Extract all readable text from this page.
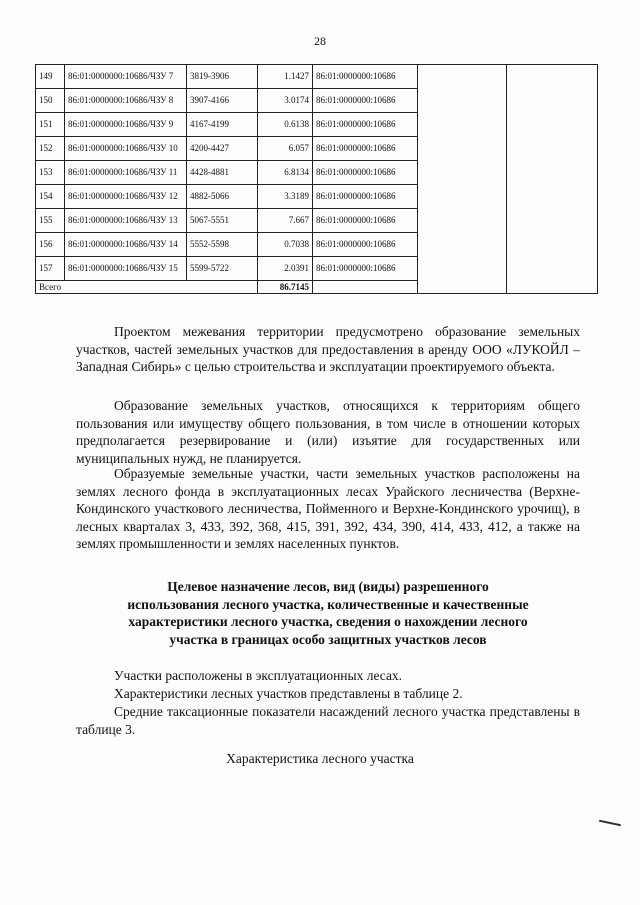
28
149	86:01:0000000:10686/ЧЗУ 7	3819-3906	1.1427	86:01:0000000:10686		
150	86:01:0000000:10686/ЧЗУ 8	3907-4166	3.0174	86:01:0000000:10686		
151	86:01:0000000:10686/ЧЗУ 9	4167-4199	0.6138	86:01:0000000:10686		
152	86:01:0000000:10686/ЧЗУ 10	4200-4427	6.057	86:01:0000000:10686		
153	86:01:0000000:10686/ЧЗУ 11	4428-4881	6.8134	86:01:0000000:10686		
154	86:01:0000000:10686/ЧЗУ 12	4882-5066	3.3189	86:01:0000000:10686		
155	86:01:0000000:10686/ЧЗУ 13	5067-5551	7.667	86:01:0000000:10686		
156	86:01:0000000:10686/ЧЗУ 14	5552-5598	0.7038	86:01:0000000:10686		
157	86:01:0000000:10686/ЧЗУ 15	5599-5722	2.0391	86:01:0000000:10686		
Всего			86.7145			
Проектом межевания территории предусмотрено образование земельных участков, частей земельных участков для предоставления в аренду ООО «ЛУКОЙЛ – Западная Сибирь» с целью строительства и эксплуатации проектируемого объекта.
Образование земельных участков, относящихся к территориям общего пользования или имуществу общего пользования, в том числе в отношении которых предполагается резервирование и (или) изъятие для государственных или муниципальных нужд, не планируется.
Образуемые земельные участки, части земельных участков расположены на землях лесного фонда в эксплуатационных лесах Урайского лесничества (Верхне-Кондинского участкового лесничества, Пойменного и Верхне-Кондинского урочищ), в лесных кварталах 3, 433, 392, 368, 415, 391, 392, 434, 390, 414, 433, 412, а также на землях промышленности и землях населенных пунктов.
Целевое назначение лесов, вид (виды) разрешенного
использования лесного участка, количественные и качественные
характеристики лесного участка, сведения о нахождении лесного
участка в границах особо защитных участков лесов
Участки расположены в эксплуатационных лесах.
Характеристики лесных участков представлены в таблице 2.
Средние таксационные показатели насаждений лесного участка представлены в таблице 3.
Характеристика лесного участка
